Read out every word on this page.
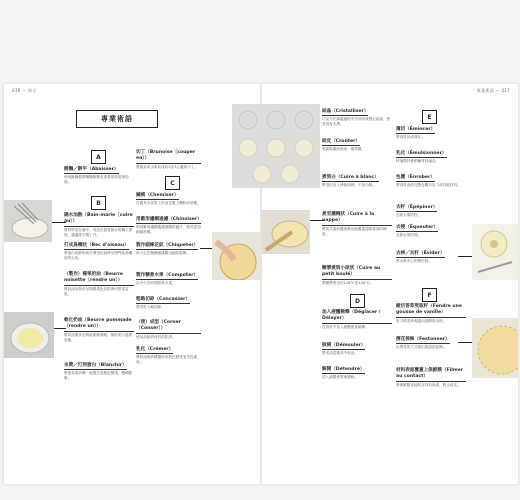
016 — 前言
專業術語
A
擀麵／擀平（Abaisser）
使用擀麵棍將麵團擀壓成需要的厚度與形狀。
B
隔水加熱（Bain-marie〔cuire au〕）
將材料放在碗中，再放在裝有熱水的鍋上加熱，讓溫度平穩上升。
打成鳥嘴狀（Bec d'oiseau）
將蛋白或鮮奶油打發至拉起時呈現彎曲鳥嘴狀的尖角。
（製作）榛果奶油（Beurre noisette〔rendre un〕）
將奶油加熱至呈現榛果色並散發出堅果香氣。
軟化奶油（Beurre pommade〔rendre un〕）
將奶油攪拌至質地柔軟滑順，類似美乃滋的狀態。
汆燙／打到發白（Blanchir）
將蛋黃與砂糖一起攪打至顏色變淺、體積膨脹。
切丁（Brunoise〔couper en〕）
將蔬菜或水果切成約2至3公釐的小丁。
C
鋪模（Chemiser）
在模具內部塗上奶油並撒上麵粉或砂糖。
用錐形濾網過濾（Chinoiser）
利用錐形濾網過濾液體或醬汁，使其更加細緻滑順。
製作細條花紋（Chiqueter）
用刀尖在麵團邊緣劃出細紋裝飾。
製作糖煮水果（Compoter）
以小火長時間熬煮水果。
粗略切碎（Concasser）
將食材大略切碎。
（使）成型（Corner〔Conser〕）
使用刮板將材料刮乾淨。
乳化（Crémer）
將奶油與砂糖攪拌至顏色變淺並呈乳霜狀。
專業術語 — 017
結晶（Cristalliser）
巧克力在調溫過程中冷卻形成穩定結晶，使其具有光澤。
結皮（Croûter）
表面乾燥而形成一層薄膜。
煮到白（Cuire à blanc）
將塔皮放入烤箱預烤，不加內餡。
煮至濃稠狀（Cuire à la nappe）
將英式蛋奶醬加熱至能覆蓋湯匙背面的稠度。
糖漿煮到小球狀（Cuire au petit boulé）
將糖漿煮至約118°C至120°C。
D
加入液體稀釋（Déglacer / Délayer）
在食材中加入液體使其稀釋。
脫模（Démouler）
將成品從模具中取出。
解開（Détendre）
加入液體使質地變軟。
E
薄切（Émincer）
將食材切成薄片。
乳化（Émulsionner）
快速攪拌使兩種材料融合。
包覆（Enrober）
將食材表面完整包覆巧克力或其他材料。
去籽（Épépiner）
去除水果的籽。
去梗（Équeuter）
去除水果的梗。
去核／去籽（Évider）
將水果中心的核挖除。
F
縱切香草莢取籽（Fendre une gousse de vanille）
用刀將香草莢縱向剖開取出籽。
擠花裝飾（Festonner）
以擠花的方式做出波浪狀裝飾。
材料表面覆蓋上保鮮膜（Filmer au contact）
將保鮮膜直接貼在材料表面，防止結皮。
